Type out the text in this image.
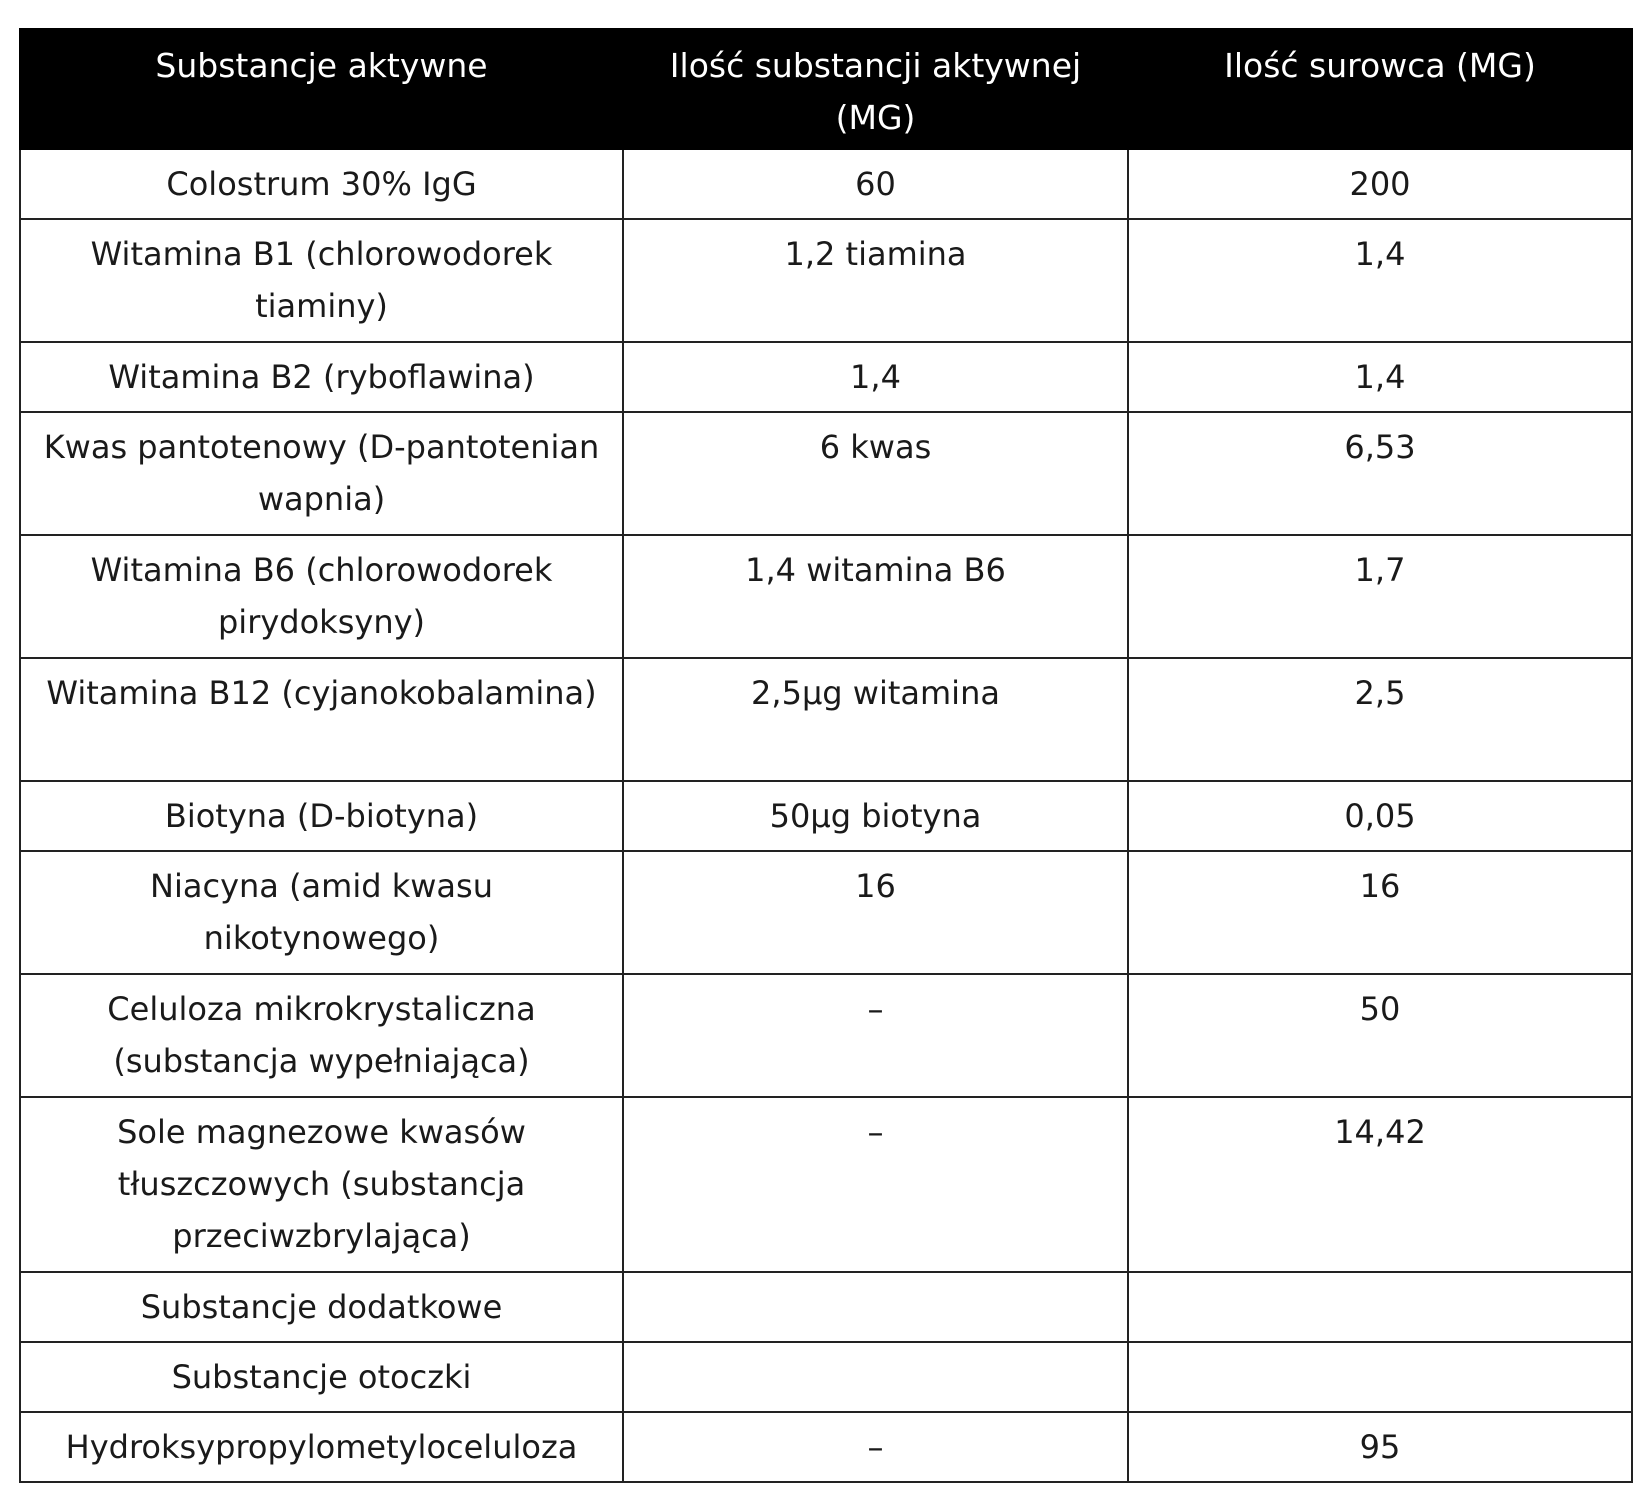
Substancje aktywne	Ilość substancji aktywnej (MG)	Ilość surowca (MG)
Colostrum 30% IgG	60	200
Witamina B1 (chlorowodorek tiaminy)	1,2 tiamina	1,4
Witamina B2 (ryboflawina)	1,4	1,4
Kwas pantotenowy (D-pantotenian wapnia)	6 kwas	6,53
Witamina B6 (chlorowodorek pirydoksyny)	1,4 witamina B6	1,7
Witamina B12 (cyjanokobalamina)	2,5µg witamina	2,5
Biotyna (D-biotyna)	50µg biotyna	0,05
Niacyna (amid kwasu nikotynowego)	16	16
Celuloza mikrokrystaliczna (substancja wypełniająca)	–	50
Sole magnezowe kwasów tłuszczowych (substancja przeciwzbrylająca)	–	14,42
Substancje dodatkowe		
Substancje otoczki		
Hydroksypropylometyloceluloza	–	95
